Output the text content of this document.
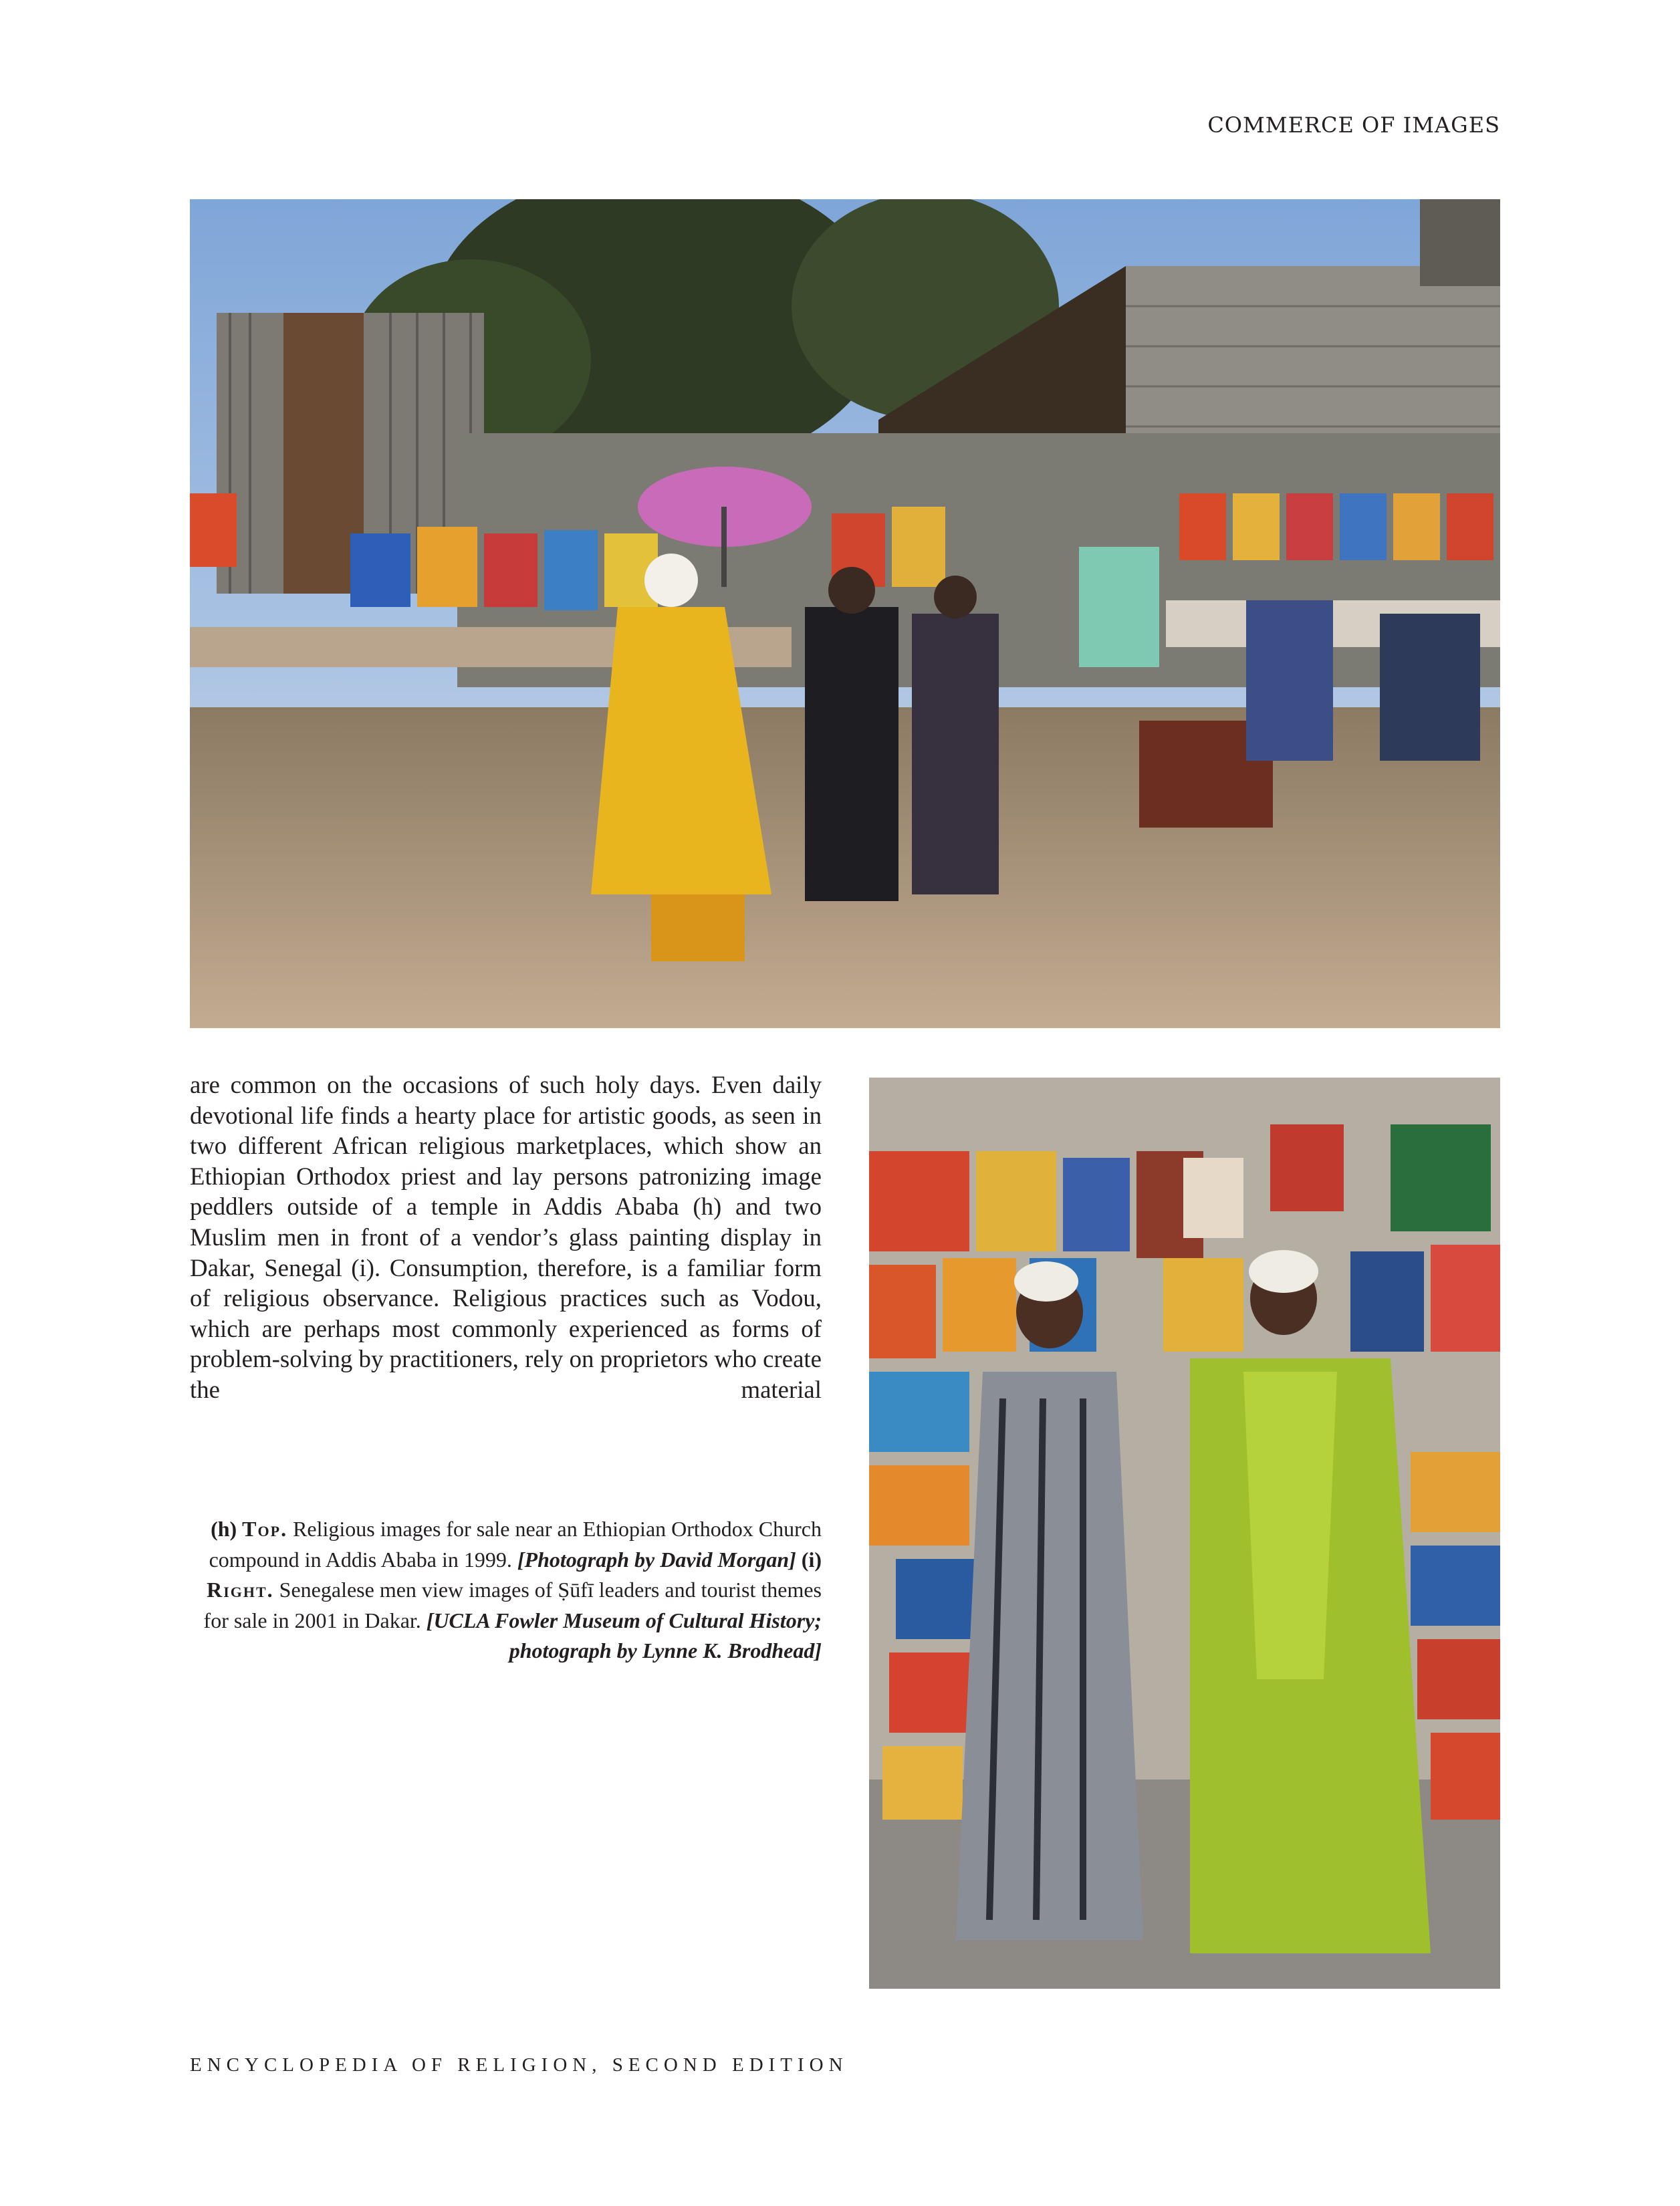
COMMERCE OF IMAGES

are common on the occasions of such holy days. Even daily devotional life finds a hearty place for artistic goods, as seen in two different African religious marketplaces, which show an Ethiopian Orthodox priest and lay persons patronizing image peddlers outside of a temple in Addis Ababa (h) and two Muslim men in front of a vendor’s glass painting display in Dakar, Senegal (i). Consumption, therefore, is a familiar form of religious observance. Religious practices such as Vodou, which are perhaps most commonly experienced as forms of problem-solving by practitioners, rely on proprietors who create the material

(h) Top. Religious images for sale near an Ethiopian Orthodox Church compound in Addis Ababa in 1999. [Photograph by David Morgan] (i) Right. Senegalese men view images of Ṣūfī leaders and tourist themes for sale in 2001 in Dakar. [UCLA Fowler Museum of Cultural History; photograph by Lynne K. Brodhead]

ENCYCLOPEDIA OF RELIGION, SECOND EDITION
